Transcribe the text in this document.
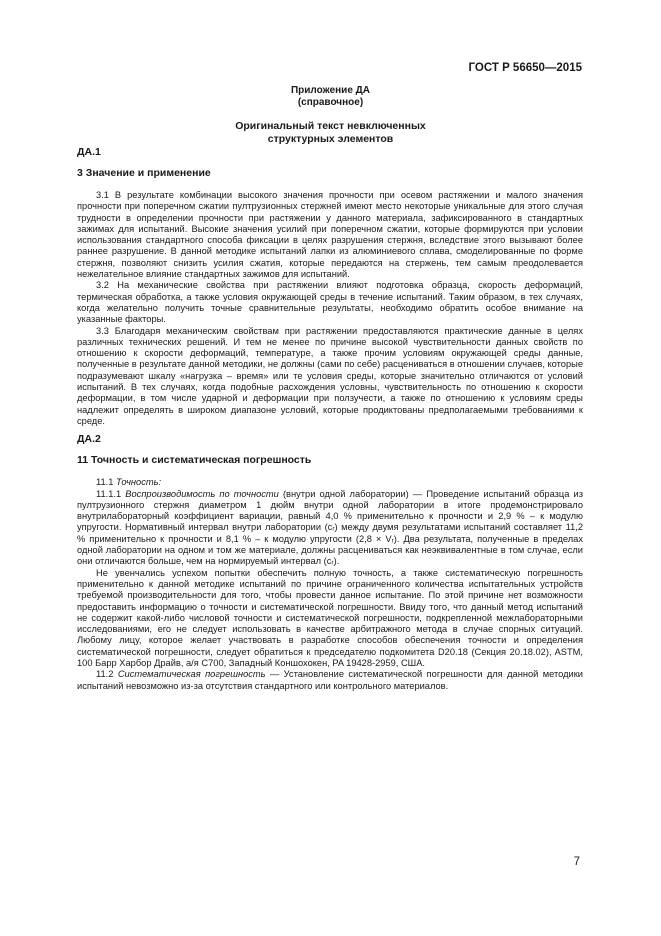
ГОСТ Р 56650—2015
Приложение ДА
(справочное)
Оригинальный текст невключенных
структурных элементов
ДА.1
3 Значение и применение

3.1 В результате комбинации высокого значения прочности при осевом растяжении и малого значения прочности при поперечном сжатии пултрузионных стержней имеют место некоторые уникальные для этого случая трудности в определении прочности при растяжении у данного материала, зафиксированного в стандартных зажимах для испытаний. Высокие значения усилий при поперечном сжатии, которые формируются при условии использования стандартного способа фиксации в целях разрушения стержня, вследствие этого вызывают более раннее разрушение. В данной методике испытаний лапки из алюминиевого сплава, смоделированные по форме стержня, позволяют снизить усилия сжатия, которые передаются на стержень, тем самым преодолевается нежелательное влияние стандартных зажимов для испытаний.

3.2 На механические свойства при растяжении влияют подготовка образца, скорость деформаций, термическая обработка, а также условия окружающей среды в течение испытаний. Таким образом, в тех случаях, когда желательно получить точные сравнительные результаты, необходимо обратить особое внимание на указанные факторы.

3.3 Благодаря механическим свойствам при растяжении предоставляются практические данные в целях различных технических решений. И тем не менее по причине высокой чувствительности данных свойств по отношению к скорости деформаций, температуре, а также прочим условиям окружающей среды данные, полученные в результате данной методики, не должны (сами по себе) расцениваться в отношении случаев, которые подразумевают шкалу «нагрузка – время» или те условия среды, которые значительно отличаются от условий испытаний. В тех случаях, когда подобные расхождения условны, чувствительность по отношению к скорости деформации, в том числе ударной и деформации при ползучести, а также по отношению к условиям среды надлежит определять в широком диапазоне условий, которые продиктованы предполагаемыми требованиями к среде.

ДА.2
11 Точность и систематическая погрешность

11.1 Точность:

11.1.1 Воспроизводимость по точности (внутри одной лаборатории) — Проведение испытаний образца из пултрузионного стержня диаметром 1 дюйм внутри одной лаборатории в итоге продемонстрировало внутрилабораторный коэффициент вариации, равный 4,0 % применительно к прочности и 2,9 % – к модулю упругости. Нормативный интервал внутри лаборатории (cᵣ) между двумя результатами испытаний составляет 11,2 % применительно к прочности и 8,1 % – к модулю упругости (2,8 × Vᵣ). Два результата, полученные в пределах одной лаборатории на одном и том же материале, должны расцениваться как неэквивалентные в том случае, если они отличаются больше, чем на нормируемый интервал (cᵣ).

Не увенчались успехом попытки обеспечить полную точность, а также систематическую погрешность применительно к данной методике испытаний по причине ограниченного количества испытательных устройств требуемой производительности для того, чтобы провести данное испытание. По этой причине нет возможности предоставить информацию о точности и систематической погрешности. Ввиду того, что данный метод испытаний не содержит какой-либо числовой точности и систематической погрешности, подкрепленной межлабораторными исследованиями, его не следует использовать в качестве арбитражного метода в случае спорных ситуаций. Любому лицу, которое желает участвовать в разработке способов обеспечения точности и определения систематической погрешности, следует обратиться к председателю подкомитета D20.18 (Секция 20.18.02), ASTM, 100 Барр Харбор Драйв, а/я C700, Западный Коншохокен, PA 19428-2959, США.

11.2 Систематическая погрешность — Установление систематической погрешности для данной методики испытаний невозможно из-за отсутствия стандартного или контрольного материалов.

7
